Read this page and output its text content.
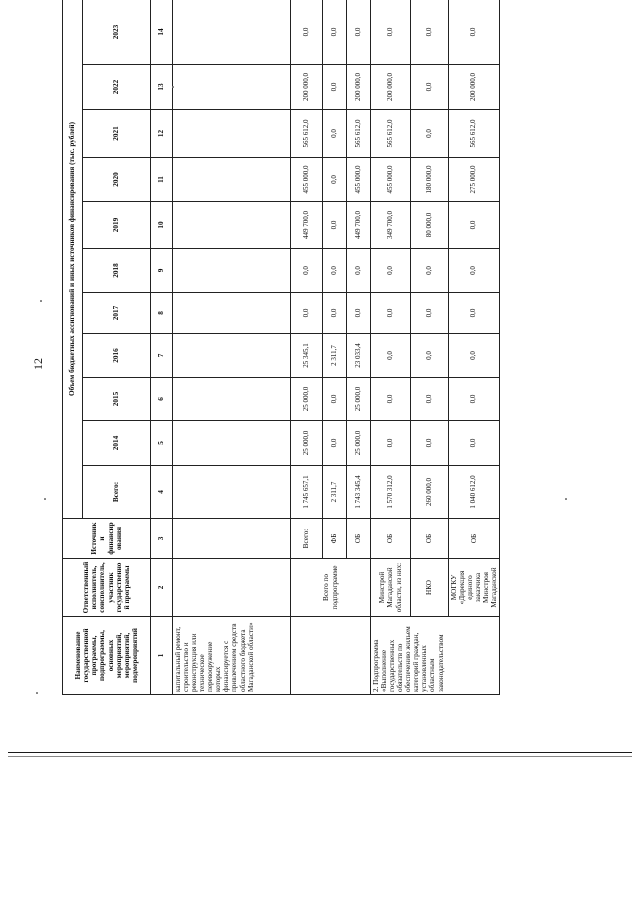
12
Наименование государственной программы, подпрограммы, основных мероприятий, мероприятий, подмероприятий	Ответственный исполнитель, соисполнитель, участник государственной программы	Источники финансирования	Объем бюджетных ассигнований и иных источников финансирования (тыс. рублей)										
			Всего:	2014	2015	2016	2017	2018	2019	2020	2021	2022	2023
1	2	3	4	5	6	7	8	9	10	11	12	13	14
капитальный ремонт, строительство и реконструкция или техническое перевооружение которых финансируется с привлечением средств областного бюджета Магаданской области»													
	Всего по подпрограмме	Всего:	1 745 657,1	25 000,0	25 000,0	25 345,1	0,0	0,0	449 700,0	455 000,0	565 612,0	200 000,0	0,0
		ФБ	2 311,7	0,0	0,0	2 311,7	0,0	0,0	0,0	0,0	0,0	0,0	0,0
		ОБ	1 743 345,4	25 000,0	25 000,0	23 033,4	0,0	0,0	449 700,0	455 000,0	565 612,0	200 000,0	0,0
2. Подпрограмма «Выполнение государственных обязательств по обеспечению жильем категорий граждан, установленных областным законодательством	Минстрой Магаданской области, из них:	ОБ	1 570 312,0	0,0	0,0	0,0	0,0	0,0	349 700,0	455 000,0	565 612,0	200 000,0	0,0
	НКО	ОБ	260 000,0	0,0	0,0	0,0	0,0	0,0	80 000,0	180 000,0	0,0	0,0	0,0
	МОГКУ «Дирекция единого заказчика Минстроя Магаданской	ОБ	1 040 612,0	0,0	0,0	0,0	0,0	0,0	0,0	275 000,0	565 612,0	200 000,0	0,0
